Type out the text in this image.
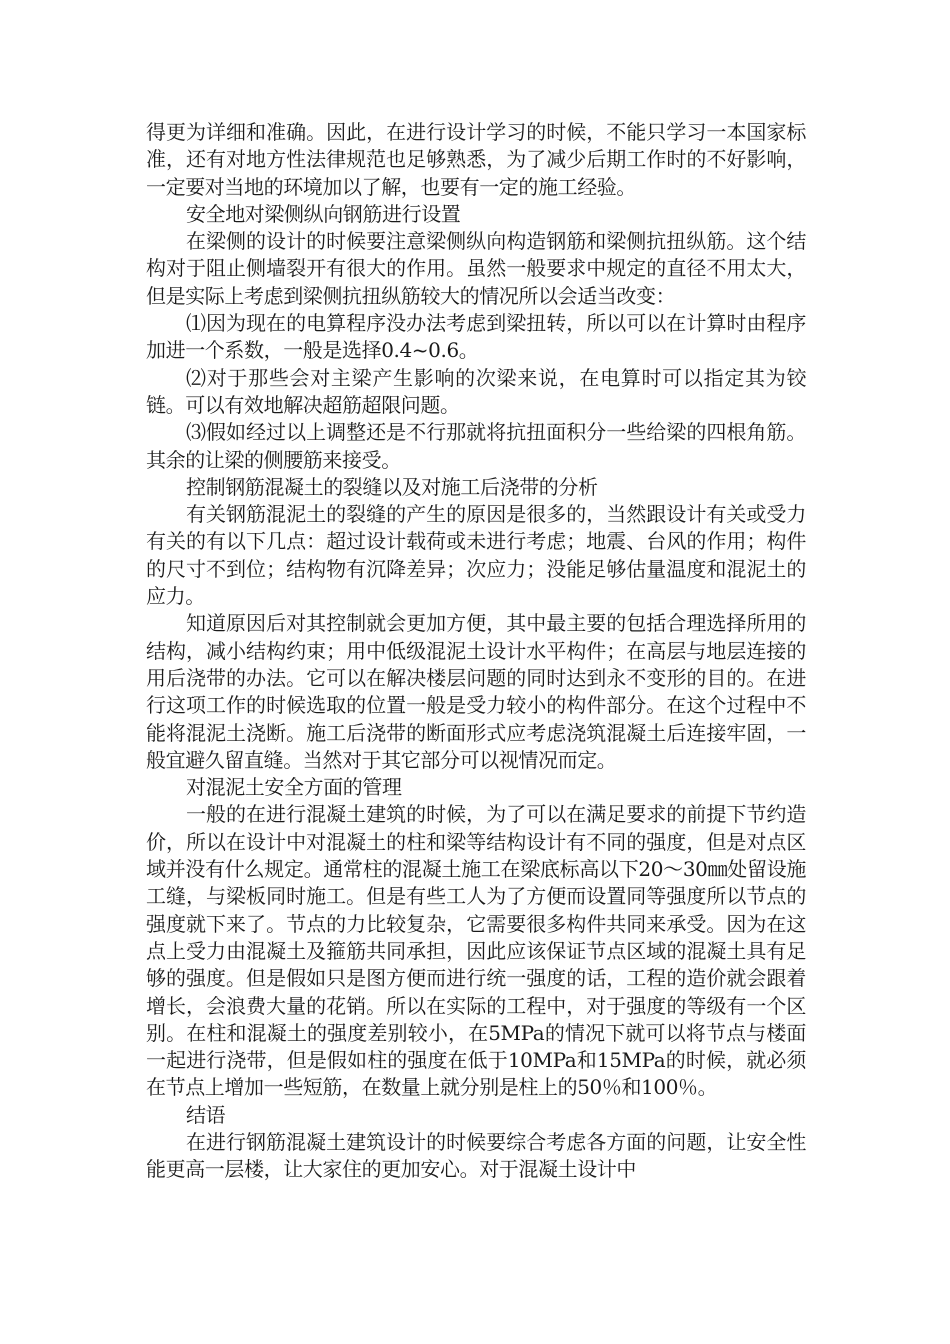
得更为详细和准确。因此，在进行设计学习的时候，不能只学习一本国家标准，还有对地方性法律规范也足够熟悉，为了减少后期工作时的不好影响，一定要对当地的环境加以了解，也要有一定的施工经验。

安全地对梁侧纵向钢筋进行设置

在梁侧的设计的时候要注意梁侧纵向构造钢筋和梁侧抗扭纵筋。这个结构对于阻止侧墙裂开有很大的作用。虽然一般要求中规定的直径不用太大，但是实际上考虑到梁侧抗扭纵筋较大的情况所以会适当改变：

⑴因为现在的电算程序没办法考虑到梁扭转，所以可以在计算时由程序加进一个系数，一般是选择0.4~0.6。

⑵对于那些会对主梁产生影响的次梁来说，在电算时可以指定其为铰链。可以有效地解决超筋超限问题。

⑶假如经过以上调整还是不行那就将抗扭面积分一些给梁的四根角筋。其余的让梁的侧腰筋来接受。

控制钢筋混凝土的裂缝以及对施工后浇带的分析

有关钢筋混泥土的裂缝的产生的原因是很多的，当然跟设计有关或受力有关的有以下几点：超过设计载荷或未进行考虑；地震、台风的作用；构件的尺寸不到位；结构物有沉降差异；次应力；没能足够估量温度和混泥土的应力。

知道原因后对其控制就会更加方便，其中最主要的包括合理选择所用的结构，减小结构约束；用中低级混泥土设计水平构件；在高层与地层连接的用后浇带的办法。它可以在解决楼层问题的同时达到永不变形的目的。在进行这项工作的时候选取的位置一般是受力较小的构件部分。在这个过程中不能将混泥土浇断。施工后浇带的断面形式应考虑浇筑混凝土后连接牢固，一般宜避久留直缝。当然对于其它部分可以视情况而定。

对混泥土安全方面的管理

一般的在进行混凝土建筑的时候，为了可以在满足要求的前提下节约造价，所以在设计中对混凝土的柱和梁等结构设计有不同的强度，但是对点区域并没有什么规定。通常柱的混凝土施工在梁底标高以下20～30㎜处留设施工缝，与梁板同时施工。但是有些工人为了方便而设置同等强度所以节点的强度就下来了。节点的力比较复杂，它需要很多构件共同来承受。因为在这点上受力由混凝土及箍筋共同承担，因此应该保证节点区域的混凝土具有足够的强度。但是假如只是图方便而进行统一强度的话，工程的造价就会跟着增长，会浪费大量的花销。所以在实际的工程中，对于强度的等级有一个区别。在柱和混凝土的强度差别较小，在5MPa的情况下就可以将节点与楼面一起进行浇带，但是假如柱的强度在低于10MPa和15MPa的时候，就必须在节点上增加一些短筋，在数量上就分别是柱上的50％和100％。

结语

在进行钢筋混凝土建筑设计的时候要综合考虑各方面的问题，让安全性能更高一层楼，让大家住的更加安心。对于混凝土设计中
